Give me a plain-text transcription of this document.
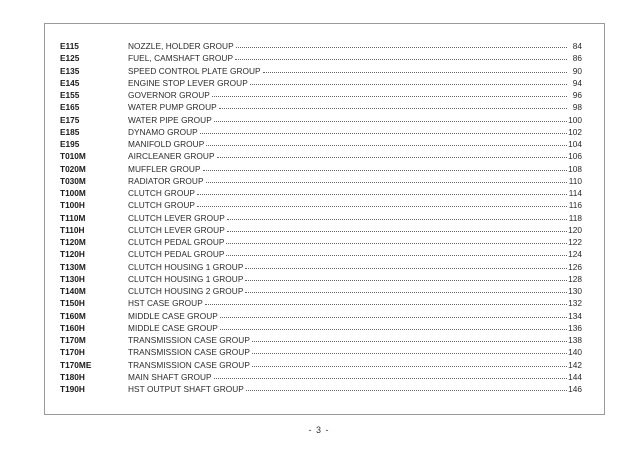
E115	NOZZLE, HOLDER GROUP	84
E125	FUEL, CAMSHAFT GROUP	86
E135	SPEED CONTROL PLATE GROUP	90
E145	ENGINE STOP LEVER GROUP	94
E155	GOVERNOR GROUP	96
E165	WATER PUMP GROUP	98
E175	WATER PIPE GROUP	100
E185	DYNAMO GROUP	102
E195	MANIFOLD GROUP	104
T010M	AIRCLEANER GROUP	106
T020M	MUFFLER GROUP	108
T030M	RADIATOR GROUP	110
T100M	CLUTCH GROUP	114
T100H	CLUTCH GROUP	116
T110M	CLUTCH LEVER GROUP	118
T110H	CLUTCH LEVER GROUP	120
T120M	CLUTCH PEDAL GROUP	122
T120H	CLUTCH PEDAL GROUP	124
T130M	CLUTCH HOUSING 1 GROUP	126
T130H	CLUTCH HOUSING 1 GROUP	128
T140M	CLUTCH HOUSING 2 GROUP	130
T150H	HST CASE GROUP	132
T160M	MIDDLE CASE GROUP	134
T160H	MIDDLE CASE GROUP	136
T170M	TRANSMISSION CASE GROUP	138
T170H	TRANSMISSION CASE GROUP	140
T170ME	TRANSMISSION CASE GROUP	142
T180H	MAIN SHAFT GROUP	144
T190H	HST OUTPUT SHAFT GROUP	146
- 3 -
